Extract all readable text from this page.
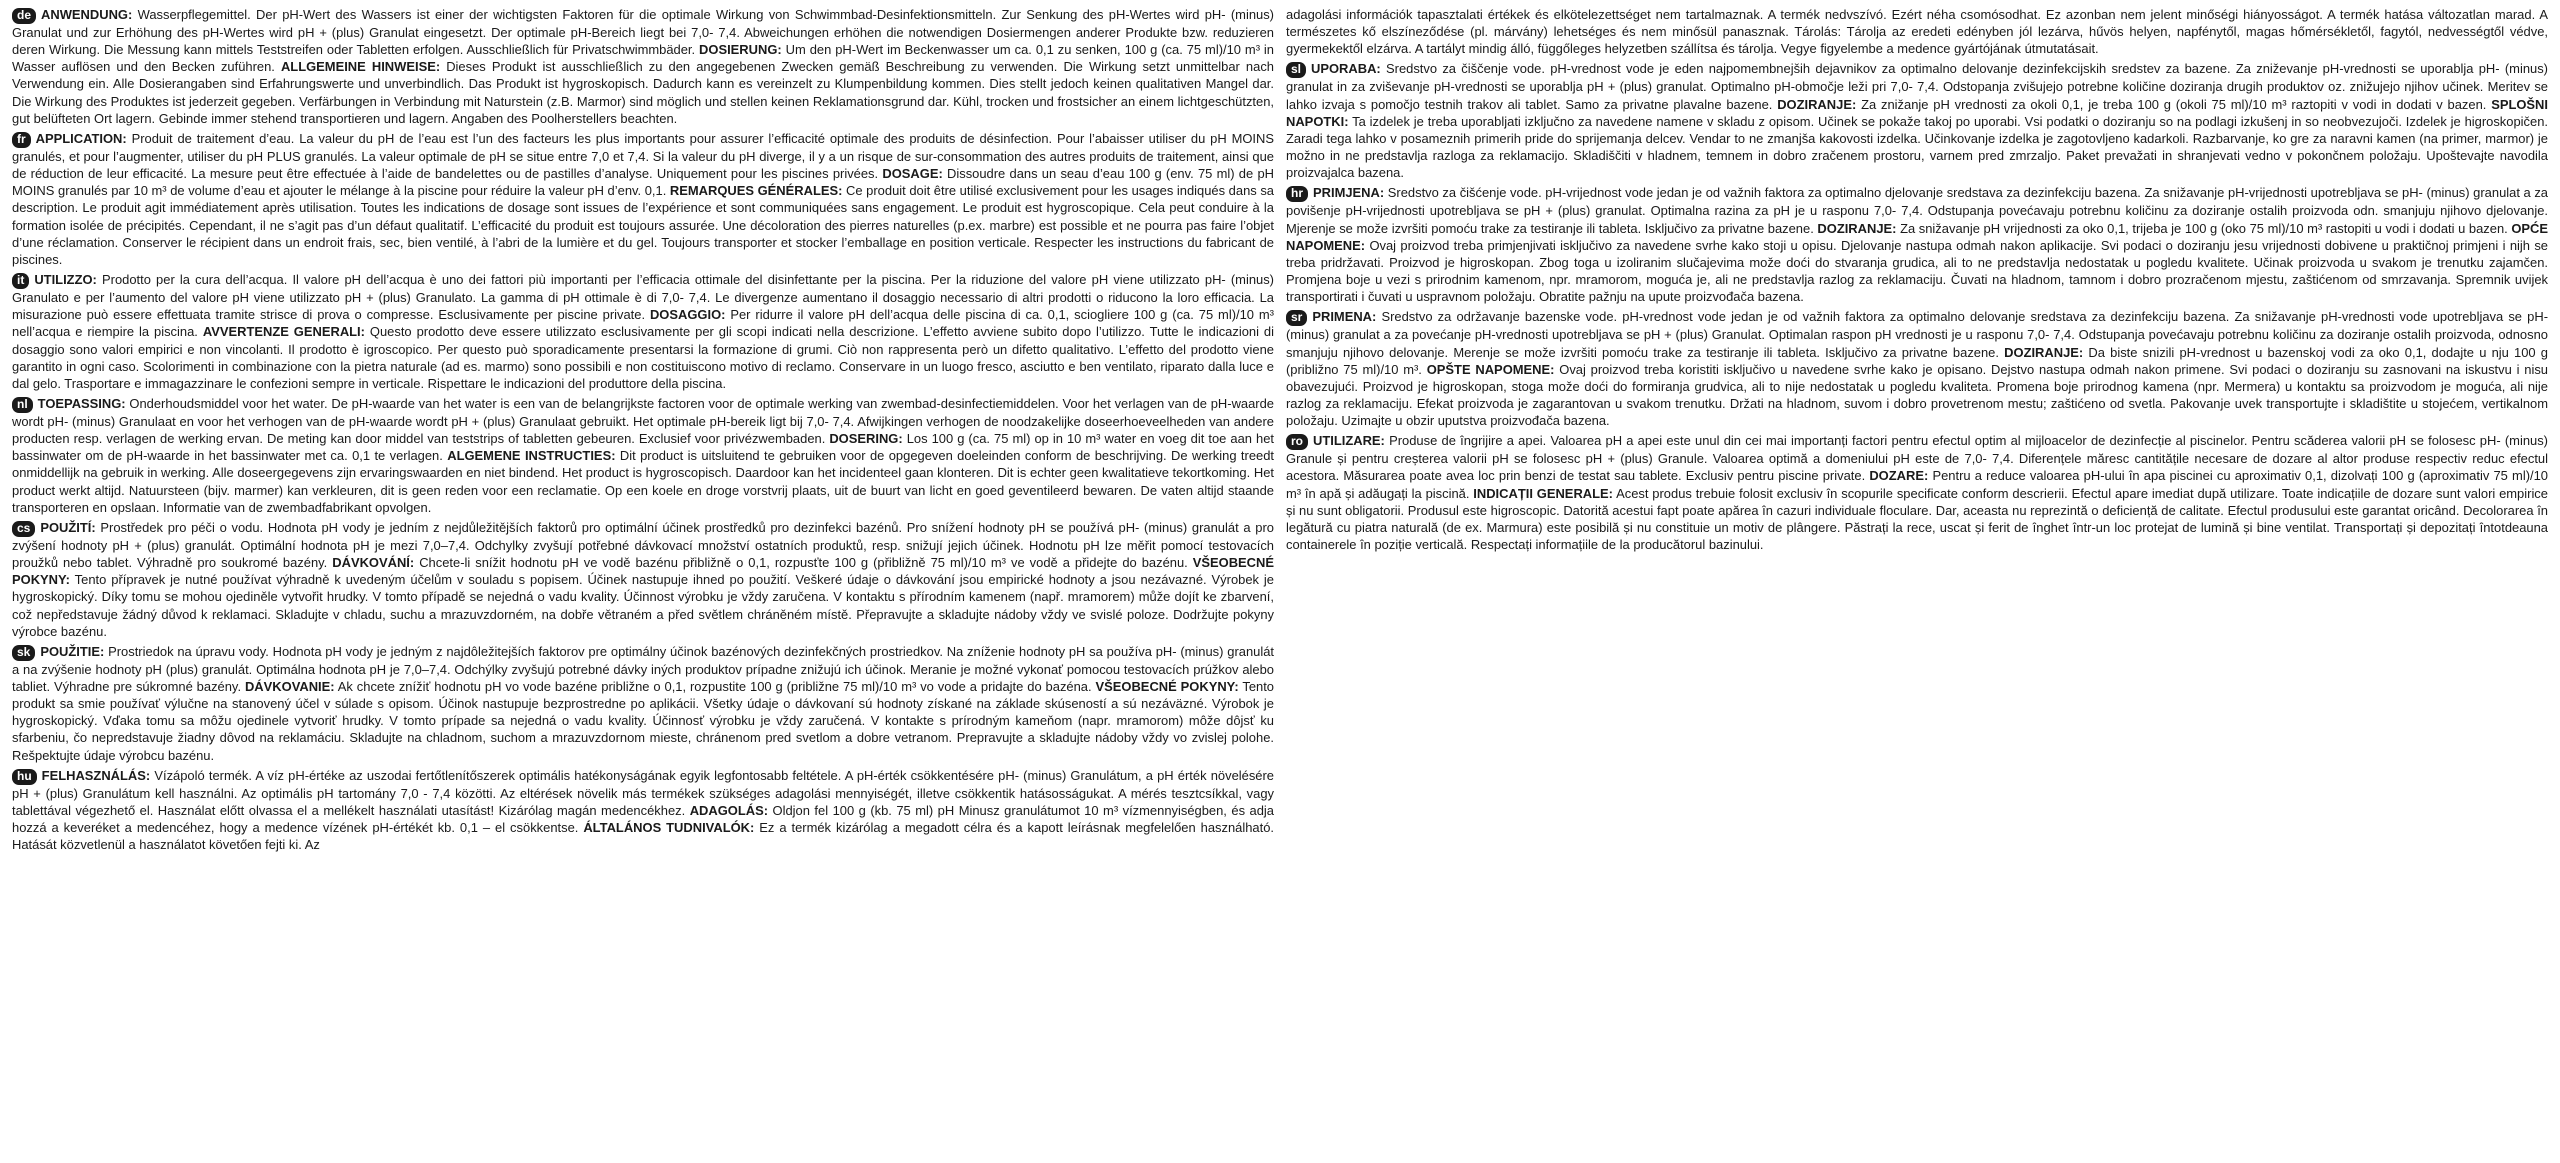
de ANWENDUNG: Wasserpflegemittel. Der pH-Wert des Wassers ist einer der wichtigsten Faktoren für die optimale Wirkung von Schwimmbad-Desinfektionsmitteln. Zur Senkung des pH-Wertes wird pH- (minus) Granulat und zur Erhöhung des pH-Wertes wird pH + (plus) Granulat eingesetzt. Der optimale pH-Bereich liegt bei 7,0- 7,4. Abweichungen erhöhen die notwendigen Dosiermengen anderer Produkte bzw. reduzieren deren Wirkung. Die Messung kann mittels Teststreifen oder Tabletten erfolgen. Ausschließlich für Privatschwimmbäder. DOSIERUNG: Um den pH-Wert im Beckenwasser um ca. 0,1 zu senken, 100 g (ca. 75 ml)/10 m³ in Wasser auflösen und den Becken zuführen. ALLGEMEINE HINWEISE: Dieses Produkt ist ausschließlich zu den angegebenen Zwecken gemäß Beschreibung zu verwenden. Die Wirkung setzt unmittelbar nach Verwendung ein. Alle Dosierangaben sind Erfahrungswerte und unverbindlich. Das Produkt ist hygroskopisch. Dadurch kann es vereinzelt zu Klumpenbildung kommen. Dies stellt jedoch keinen qualitativen Mangel dar. Die Wirkung des Produktes ist jederzeit gegeben. Verfärbungen in Verbindung mit Naturstein (z.B. Marmor) sind möglich und stellen keinen Reklamationsgrund dar. Kühl, trocken und frostsicher an einem lichtgeschützten, gut belüfteten Ort lagern. Gebinde immer stehend transportieren und lagern. Angaben des Poolherstellers beachten.
fr APPLICATION: Produit de traitement d’eau. La valeur du pH de l’eau est l’un des facteurs les plus importants pour assurer l’efficacité optimale des produits de désinfection. Pour l’abaisser utiliser du pH MOINS granulés, et pour l’augmenter, utiliser du pH PLUS granulés. La valeur optimale de pH se situe entre 7,0 et 7,4. Si la valeur du pH diverge, il y a un risque de sur-consommation des autres produits de traitement, ainsi que de réduction de leur efficacité. La mesure peut être effectuée à l’aide de bandelettes ou de pastilles d’analyse. Uniquement pour les piscines privées. DOSAGE: Dissoudre dans un seau d’eau 100 g (env. 75 ml) de pH MOINS granulés par 10 m³ de volume d’eau et ajouter le mélange à la piscine pour réduire la valeur pH d’env. 0,1. REMARQUES GÉNÉRALES: Ce produit doit être utilisé exclusivement pour les usages indiqués dans sa description. Le produit agit immédiatement après utilisation. Toutes les indications de dosage sont issues de l’expérience et sont communiquées sans engagement. Le produit est hygroscopique. Cela peut conduire à la formation isolée de précipités. Cependant, il ne s’agit pas d’un défaut qualitatif. L’efficacité du produit est toujours assurée. Une décoloration des pierres naturelles (p.ex. marbre) est possible et ne pourra pas faire l’objet d’une réclamation. Conserver le récipient dans un endroit frais, sec, bien ventilé, à l’abri de la lumière et du gel. Toujours transporter et stocker l’emballage en position verticale. Respecter les instructions du fabricant de piscines.
it UTILIZZO: Prodotto per la cura dell’acqua. Il valore pH dell’acqua è uno dei fattori più importanti per l’efficacia ottimale del disinfettante per la piscina. Per la riduzione del valore pH viene utilizzato pH- (minus) Granulato e per l’aumento del valore pH viene utilizzato pH + (plus) Granulato. La gamma di pH ottimale è di 7,0- 7,4. Le divergenze aumentano il dosaggio necessario di altri prodotti o riducono la loro efficacia. La misurazione può essere effettuata tramite strisce di prova o compresse. Esclusivamente per piscine private. DOSAGGIO: Per ridurre il valore pH dell’acqua delle piscina di ca. 0,1, sciogliere 100 g (ca. 75 ml)/10 m³ nell’acqua e riempire la piscina. AVVERTENZE GENERALI: Questo prodotto deve essere utilizzato esclusivamente per gli scopi indicati nella descrizione. L’effetto avviene subito dopo l’utilizzo. Tutte le indicazioni di dosaggio sono valori empirici e non vincolanti. Il prodotto è igroscopico. Per questo può sporadicamente presentarsi la formazione di grumi. Ciò non rappresenta però un difetto qualitativo. L’effetto del prodotto viene garantito in ogni caso. Scolorimenti in combinazione con la pietra naturale (ad es. marmo) sono possibili e non costituiscono motivo di reclamo. Conservare in un luogo fresco, asciutto e ben ventilato, riparato dalla luce e dal gelo. Trasportare e immagazzinare le confezioni sempre in verticale. Rispettare le indicazioni del produttore della piscina.
nl TOEPASSING: Onderhoudsmiddel voor het water. De pH-waarde van het water is een van de belangrijkste factoren voor de optimale werking van zwembad-desinfectiemiddelen. Voor het verlagen van de pH-waarde wordt pH- (minus) Granulaat en voor het verhogen van de pH-waarde wordt pH + (plus) Granulaat gebruikt. Het optimale pH-bereik ligt bij 7,0- 7,4. Afwijkingen verhogen de noodzakelijke doseerhoeveelheden van andere producten resp. verlagen de werking ervan. De meting kan door middel van teststrips of tabletten gebeuren. Exclusief voor privézwembaden. DOSERING: Los 100 g (ca. 75 ml) op in 10 m³ water en voeg dit toe aan het bassinwater om de pH-waarde in het bassinwater met ca. 0,1 te verlagen. ALGEMENE INSTRUCTIES: Dit product is uitsluitend te gebruiken voor de opgegeven doeleinden conform de beschrijving. De werking treedt onmiddellijk na gebruik in werking. Alle doseergegevens zijn ervaringswaarden en niet bindend. Het product is hygroscopisch. Daardoor kan het incidenteel gaan klonteren. Dit is echter geen kwalitatieve tekortkoming. Het product werkt altijd. Natuursteen (bijv. marmer) kan verkleuren, dit is geen reden voor een reclamatie. Op een koele en droge vorstvrij plaats, uit de buurt van licht en goed geventileerd bewaren. De vaten altijd staande transporteren en opslaan. Informatie van de zwembadfabrikant opvolgen.
cs POUŽITÍ: Prostředek pro péči o vodu. Hodnota pH vody je jedním z nejdůležitějších faktorů pro optimální účinek prostředků pro dezinfekci bazénů. Pro snížení hodnoty pH se používá pH- (minus) granulát a pro zvýšení hodnoty pH + (plus) granulát. Optimální hodnota pH je mezi 7,0–7,4. Odchylky zvyšují potřebné dávkovací množství ostatních produktů, resp. snižují jejich účinek. Hodnotu pH lze měřit pomocí testovacích proužků nebo tablet. Výhradně pro soukromé bazény. DÁVKOVÁNÍ: Chcete-li snížit hodnotu pH ve vodě bazénu přibližně o 0,1, rozpusťte 100 g (přibližně 75 ml)/10 m³ ve vodě a přidejte do bazénu. VŠEOBECNÉ POKYNY: Tento přípravek je nutné používat výhradně k uvedeným účelům v souladu s popisem. Účinek nastupuje ihned po použití. Veškeré údaje o dávkování jsou empirické hodnoty a jsou nezávazné. Výrobek je hygroskopický. Díky tomu se mohou ojediněle vytvořit hrudky. V tomto případě se nejedná o vadu kvality. Účinnost výrobku je vždy zaručena. V kontaktu s přírodním kamenem (např. mramorem) může dojít ke zbarvení, což nepředstavuje žádný důvod k reklamaci. Skladujte v chladu, suchu a mrazuvzdorném, na dobře větraném a před světlem chráněném místě. Přepravujte a skladujte nádoby vždy ve svislé poloze. Dodržujte pokyny výrobce bazénu.
sk POUŽITIE: Prostriedok na úpravu vody. Hodnota pH vody je jedným z najdôležitejších faktorov pre optimálny účinok bazénových dezinfekčných prostriedkov. Na zníženie hodnoty pH sa používa pH- (minus) granulát a na zvýšenie hodnoty pH (plus) granulát. Optimálna hodnota pH je 7,0–7,4. Odchýlky zvyšujú potrebné dávky iných produktov prípadne znižujú ich účinok. Meranie je možné vykonať pomocou testovacích prúžkov alebo tabliet. Výhradne pre súkromné bazény. DÁVKOVANIE: Ak chcete znížiť hodnotu pH vo vode bazéne približne o 0,1, rozpustite 100 g (približne 75 ml)/10 m³ vo vode a pridajte do bazéna. VŠEOBECNÉ POKYNY: Tento produkt sa smie používať výlučne na stanovený účel v súlade s opisom. Účinok nastupuje bezprostredne po aplikácii. Všetky údaje o dávkovaní sú hodnoty získané na základe skúseností a sú nezáväzné. Výrobok je hygroskopický. Vďaka tomu sa môžu ojedinele vytvoriť hrudky. V tomto prípade sa nejedná o vadu kvality. Účinnosť výrobku je vždy zaručená. V kontakte s prírodným kameňom (napr. mramorom) môže dôjsť ku sfarbeniu, čo nepredstavuje žiadny dôvod na reklamáciu. Skladujte na chladnom, suchom a mrazuvzdornom mieste, chránenom pred svetlom a dobre vetranom. Prepravujte a skladujte nádoby vždy vo zvislej polohe. Rešpektujte údaje výrobcu bazénu.
hu FELHASZNÁLÁS: Vízápoló termék. A víz pH-értéke az uszodai fertőtlenítőszerek optimális hatékonyságának egyik legfontosabb feltétele. A pH-érték csökkentésére pH- (minus) Granulátum, a pH érték növelésére pH + (plus) Granulátum kell használni. Az optimális pH tartomány 7,0 - 7,4 közötti. Az eltérések növelik más termékek szükséges adagolási mennyiségét, illetve csökkentik hatásosságukat. A mérés tesztcsíkkal, vagy tablettával végezhető el. Használat előtt olvassa el a mellékelt használati utasítást! Kizárólag magán medencékhez. ADAGOLÁS: Oldjon fel 100 g (kb. 75 ml) pH Minusz granulátumot 10 m³ vízmennyiségben, és adja hozzá a keveréket a medencéhez, hogy a medence vízének pH-értékét kb. 0,1 – el csökkentse. ÁLTALÁNOS TUDNIVALÓK: Ez a termék kizárólag a megadott célra és a kapott leírásnak megfelelően használható. Hatását közvetlenül a használatot követően fejti ki. Az
adagolási információk tapasztalati értékek és elkötelezettséget nem tartalmaznak. A termék nedvszívó. Ezért néha csomósodhat. Ez azonban nem jelent minőségi hiányosságot. A termék hatása változatlan marad. A természetes kő elszíneződése (pl. márvány) lehetséges és nem minősül panasznak. Tárolás: Tárolja az eredeti edényben jól lezárva, hűvös helyen, napfénytől, magas hőmérsékletől, fagytól, nedvességtől védve, gyermekektől elzárva. A tartályt mindig álló, függőleges helyzetben szállítsa és tárolja. Vegye figyelembe a medence gyártójának útmutatásait.
sl UPORABA: Sredstvo za čiščenje vode. pH-vrednost vode je eden najpomembnejših dejavnikov za optimalno delovanje dezinfekcijskih sredstev za bazene. Za zniževanje pH-vrednosti se uporablja pH- (minus) granulat in za zviševanje pH-vrednosti se uporablja pH + (plus) granulat. Optimalno pH-območje leži pri 7,0- 7,4. Odstopanja zvišujejo potrebne količine doziranja drugih produktov oz. znižujejo njihov učinek. Meritev se lahko izvaja s pomočjo testnih trakov ali tablet. Samo za privatne plavalne bazene. DOZIRANJE: Za znižanje pH vrednosti za okoli 0,1, je treba 100 g (okoli 75 ml)/10 m³ raztopiti v vodi in dodati v bazen. SPLOŠNI NAPOTKI: Ta izdelek je treba uporabljati izključno za navedene namene v skladu z opisom. Učinek se pokaže takoj po uporabi. Vsi podatki o doziranju so na podlagi izkušenj in so neobvezujoči. Izdelek je higroskopičen. Zaradi tega lahko v posameznih primerih pride do sprijemanja delcev. Vendar to ne zmanjša kakovosti izdelka. Učinkovanje izdelka je zagotovljeno kadarkoli. Razbarvanje, ko gre za naravni kamen (na primer, marmor) je možno in ne predstavlja razloga za reklamacijo. Skladiščiti v hladnem, temnem in dobro zračenem prostoru, varnem pred zmrzaljo. Paket prevažati in shranjevati vedno v pokončnem položaju. Upoštevajte navodila proizvajalca bazena.
hr PRIMJENA: Sredstvo za čišćenje vode. pH-vrijednost vode jedan je od važnih faktora za optimalno djelovanje sredstava za dezinfekciju bazena. Za snižavanje pH-vrijednosti upotrebljava se pH- (minus) granulat a za povišenje pH-vrijednosti upotrebljava se pH + (plus) granulat. Optimalna razina za pH je u rasponu 7,0- 7,4. Odstupanja povećavaju potrebnu količinu za doziranje ostalih proizvoda odn. smanjuju njihovo djelovanje. Mjerenje se može izvršiti pomoću trake za testiranje ili tableta. Isključivo za privatne bazene. DOZIRANJE: Za snižavanje pH vrijednosti za oko 0,1, trijeba je 100 g (oko 75 ml)/10 m³ rastopiti u vodi i dodati u bazen. OPĆE NAPOMENE: Ovaj proizvod treba primjenjivati isključivo za navedene svrhe kako stoji u opisu. Djelovanje nastupa odmah nakon aplikacije. Svi podaci o doziranju jesu vrijednosti dobivene u praktičnoj primjeni i nijh se treba pridržavati. Proizvod je higroskopan. Zbog toga u izoliranim slučajevima može doći do stvaranja grudica, ali to ne predstavlja nedostatak u pogledu kvalitete. Učinak proizvoda u svakom je trenutku zajamčen. Promjena boje u vezi s prirodnim kamenom, npr. mramorom, moguća je, ali ne predstavlja razlog za reklamaciju. Čuvati na hladnom, tamnom i dobro prozračenom mjestu, zaštićenom od smrzavanja. Spremnik uvijek transportirati i čuvati u uspravnom položaju. Obratite pažnju na upute proizvođača bazena.
sr PRIMENA: Sredstvo za održavanje bazenske vode. pH-vrednost vode jedan je od važnih faktora za optimalno delovanje sredstava za dezinfekciju bazena. Za snižavanje pH-vrednosti vode upotrebljava se pH- (minus) granulat a za povećanje pH-vrednosti upotrebljava se pH + (plus) Granulat. Optimalan raspon pH vrednosti je u rasponu 7,0- 7,4. Odstupanja povećavaju potrebnu količinu za doziranje ostalih proizvoda, odnosno smanjuju njihovo delovanje. Merenje se može izvršiti pomoću trake za testiranje ili tableta. Isključivo za privatne bazene. DOZIRANJE: Da biste snizili pH-vrednost u bazenskoj vodi za oko 0,1, dodajte u nju 100 g (približno 75 ml)/10 m³. OPŠTE NAPOMENE: Ovaj proizvod treba koristiti isključivo u navedene svrhe kako je opisano. Dejstvo nastupa odmah nakon primene. Svi podaci o doziranju su zasnovani na iskustvu i nisu obavezujući. Proizvod je higroskopan, stoga može doći do formiranja grudvica, ali to nije nedostatak u pogledu kvaliteta. Promena boje prirodnog kamena (npr. Mermera) u kontaktu sa proizvodom je moguća, ali nije razlog za reklamaciju. Efekat proizvoda je zagarantovan u svakom trenutku. Držati na hladnom, suvom i dobro provetrenom mestu; zaštićeno od svetla. Pakovanje uvek transportujte i skladištite u stojećem, vertikalnom položaju. Uzimajte u obzir uputstva proizvođača bazena.
ro UTILIZARE: Produse de îngrijire a apei. Valoarea pH a apei este unul din cei mai importanți factori pentru efectul optim al mijloacelor de dezinfecție al piscinelor. Pentru scăderea valorii pH se folosesc pH- (minus) Granule și pentru creșterea valorii pH se folosesc pH + (plus) Granule. Valoarea optimă a domeniului pH este de 7,0- 7,4. Diferențele măresc cantitățile necesare de dozare al altor produse respectiv reduc efectul acestora. Măsurarea poate avea loc prin benzi de testat sau tablete. Exclusiv pentru piscine private. DOZARE: Pentru a reduce valoarea pH-ului în apa piscinei cu aproximativ 0,1, dizolvați 100 g (aproximativ 75 ml)/10 m³ în apă și adăugați la piscină. INDICAȚII GENERALE: Acest produs trebuie folosit exclusiv în scopurile specificate conform descrierii. Efectul apare imediat după utilizare. Toate indicațiile de dozare sunt valori empirice și nu sunt obligatorii. Produsul este higroscopic. Datorită acestui fapt poate apărea în cazuri individuale floculare. Dar, aceasta nu reprezintă o deficiență de calitate. Efectul produsului este garantat oricând. Decolorarea în legătură cu piatra naturală (de ex. Marmura) este posibilă și nu constituie un motiv de plângere. Păstrați la rece, uscat și ferit de înghet într-un loc protejat de lumină și bine ventilat. Transportați și depozitați întotdeauna containerele în poziție verticală. Respectați informațiile de la producătorul bazinului.
